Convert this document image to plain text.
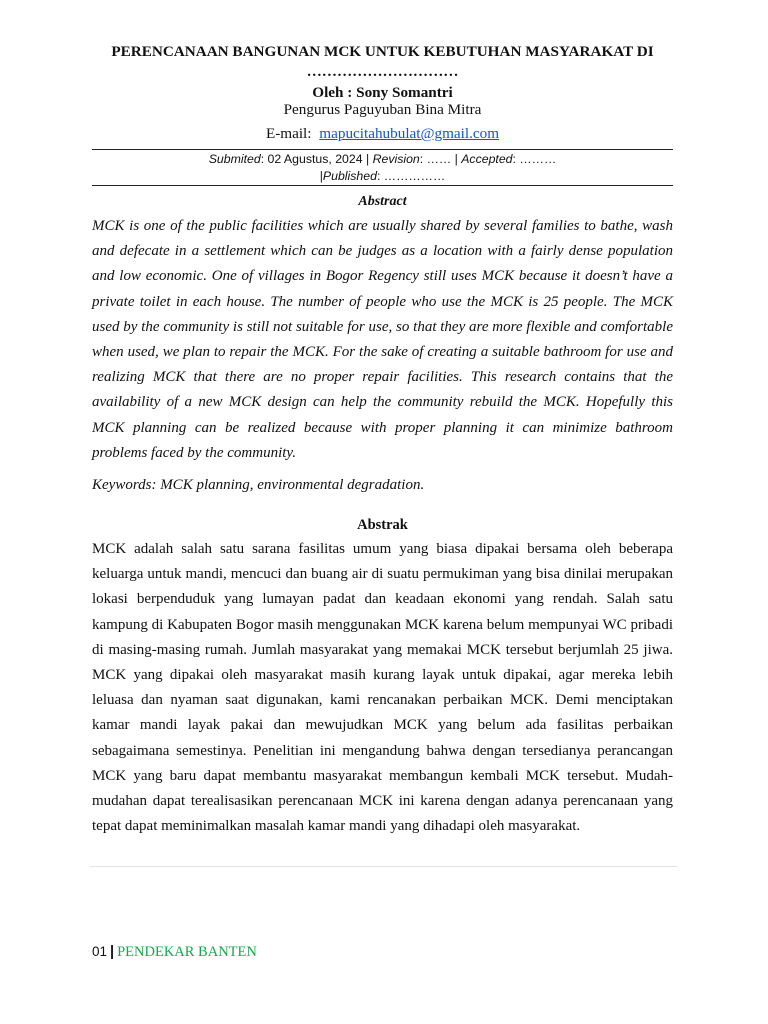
PERENCANAAN BANGUNAN MCK UNTUK KEBUTUHAN MASYARAKAT DI
…………………………
Oleh : Sony Somantri
Pengurus Paguyuban Bina Mitra
E-mail: mapucitahubulat@gmail.com
Submited: 02 Agustus, 2024 | Revision: …… | Accepted: ………
|Published: ……………
Abstract

MCK is one of the public facilities which are usually shared by several families to bathe, wash and defecate in a settlement which can be judges as a location with a fairly dense population and low economic. One of villages in Bogor Regency still uses MCK because it doesn’t have a private toilet in each house. The number of people who use the MCK is 25 people. The MCK used by the community is still not suitable for use, so that they are more flexible and comfortable when used, we plan to repair the MCK. For the sake of creating a suitable bathroom for use and realizing MCK that there are no proper repair facilities. This research contains that the availability of a new MCK design can help the community rebuild the MCK. Hopefully this MCK planning can be realized because with proper planning it can minimize bathroom problems faced by the community.

Keywords: MCK planning, environmental degradation.

Abstrak

MCK adalah salah satu sarana fasilitas umum yang biasa dipakai bersama oleh beberapa keluarga untuk mandi, mencuci dan buang air di suatu permukiman yang bisa dinilai merupakan lokasi berpenduduk yang lumayan padat dan keadaan ekonomi yang rendah. Salah satu kampung di Kabupaten Bogor masih menggunakan MCK karena belum mempunyai WC pribadi di masing-masing rumah. Jumlah masyarakat yang memakai MCK tersebut berjumlah 25 jiwa. MCK yang dipakai oleh masyarakat masih kurang layak untuk dipakai, agar mereka lebih leluasa dan nyaman saat digunakan, kami rencanakan perbaikan MCK. Demi menciptakan kamar mandi layak pakai dan mewujudkan MCK yang belum ada fasilitas perbaikan sebagaimana semestinya. Penelitian ini mengandung bahwa dengan tersedianya perancangan MCK yang baru dapat membantu masyarakat membangun kembali MCK tersebut. Mudah-mudahan dapat terealisasikan perencanaan MCK ini karena dengan adanya perencanaan yang tepat dapat meminimalkan masalah kamar mandi yang dihadapi oleh masyarakat.

01 | PENDEKAR BANTEN
